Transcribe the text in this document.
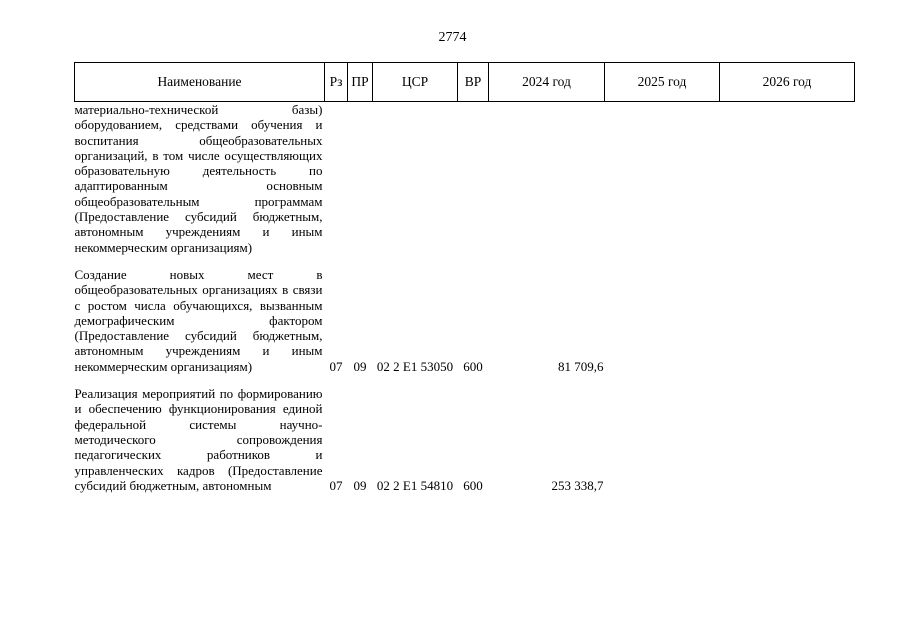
2774
Наименование	Рз	ПР	ЦСР	ВР	2024 год	2025 год	2026 год
материально-технической базы) оборудованием, средствами обучения и воспитания общеобразовательных организаций, в том числе осуществляющих образовательную деятельность по адаптированным основным общеобразовательным программам (Предоставление субсидий бюджетным, автономным учреждениям и иным некоммерческим организациям)							
Создание новых мест в общеобразовательных организациях в связи с ростом числа обучающихся, вызванным демографическим фактором (Предоставление субсидий бюджетным, автономным учреждениям и иным некоммерческим организациям)	07	09	02 2 E1 53050	600	81 709,6		
Реализация мероприятий по формированию и обеспечению функционирования единой федеральной системы научно-методического сопровождения педагогических работников и управленческих кадров (Предоставление субсидий бюджетным, автономным	07	09	02 2 E1 54810	600	253 338,7		
